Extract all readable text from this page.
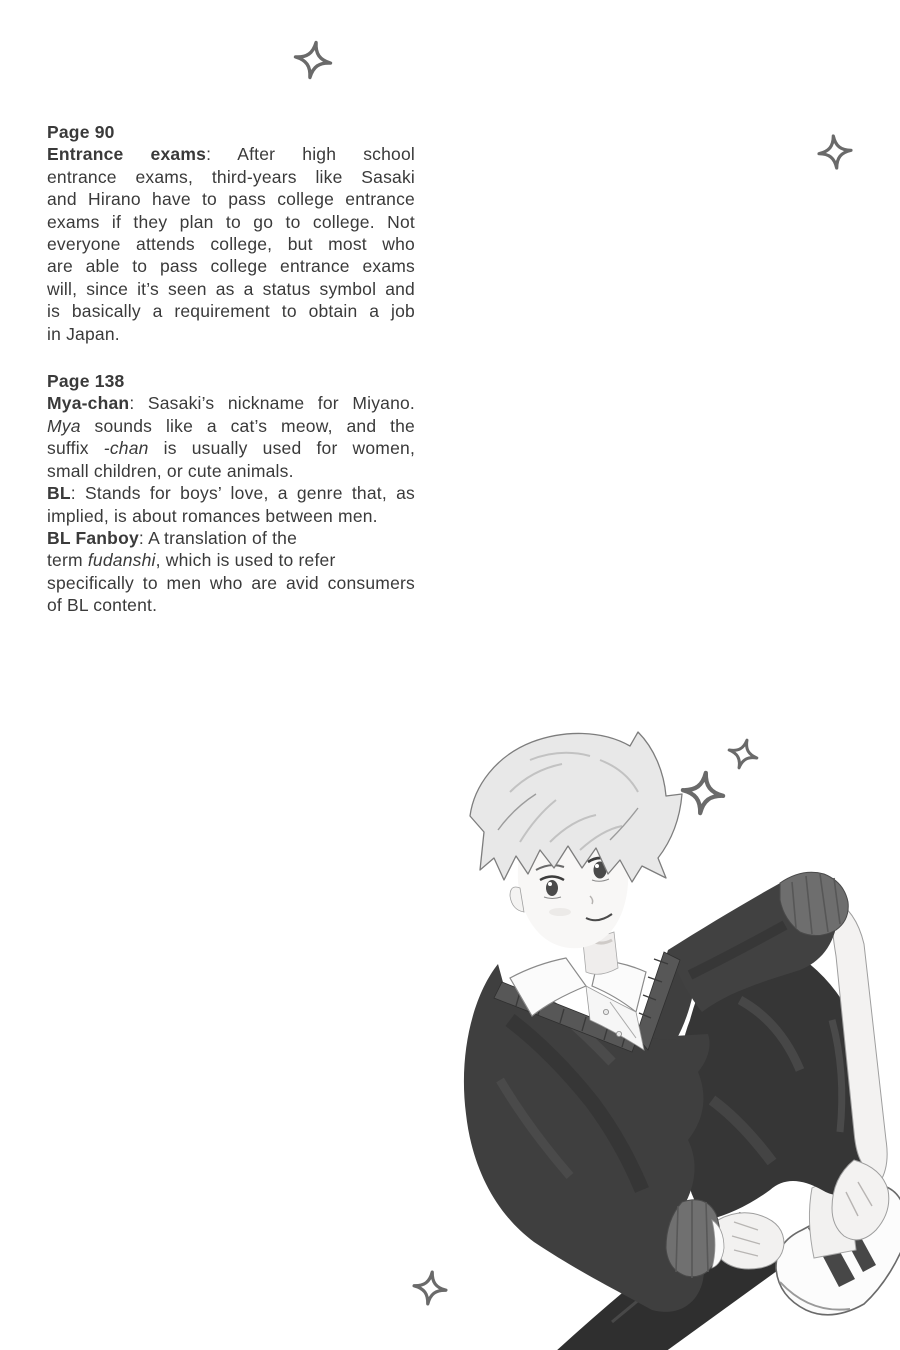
Page 90
Entrance exams: After high school
entrance exams, third-years like Sasaki
and Hirano have to pass college entrance
exams if they plan to go to college. Not
everyone attends college, but most who
are able to pass college entrance exams
will, since it’s seen as a status symbol and
is basically a requirement to obtain a job
in Japan.
Page 138
Mya-chan: Sasaki’s nickname for Miyano.
Mya sounds like a cat’s meow, and the
suffix -chan is usually used for women,
small children, or cute animals.
BL: Stands for boys’ love, a genre that, as
implied, is about romances between men.
BL Fanboy: A translation of the
term fudanshi, which is used to refer
specifically to men who are avid consumers
of BL content.
